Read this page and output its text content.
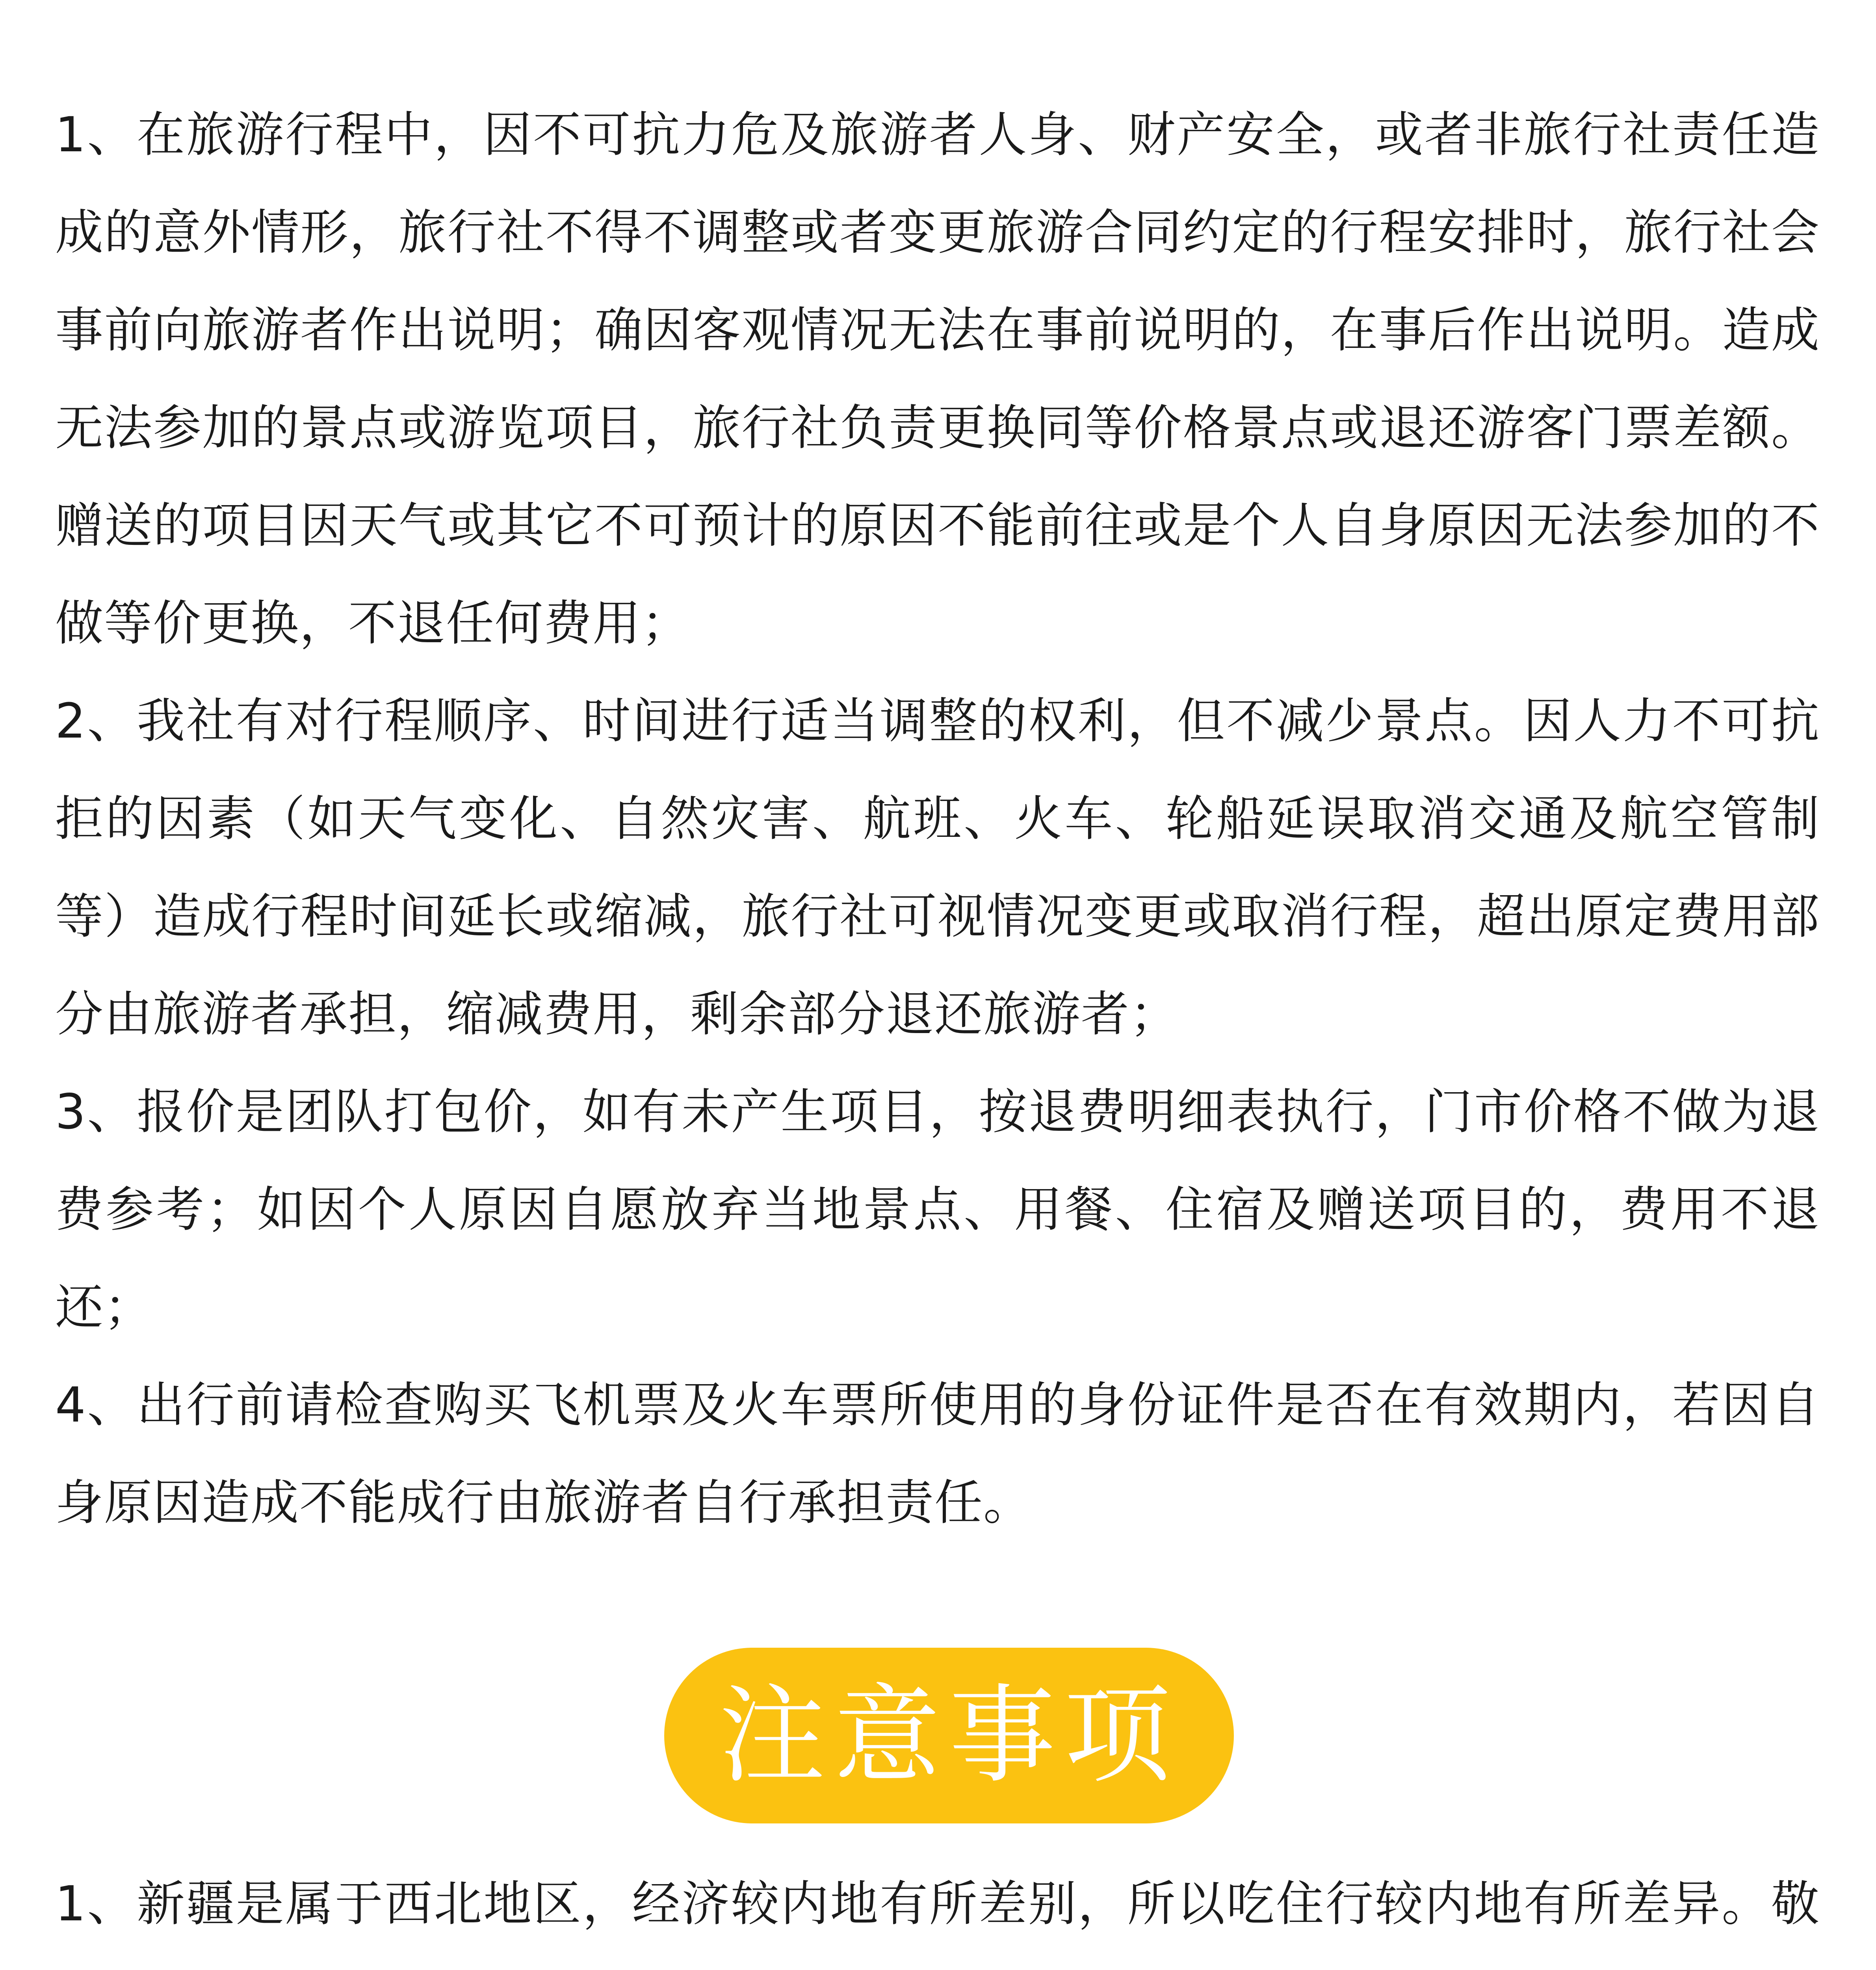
1、在旅游行程中，因不可抗力危及旅游者人身、财产安全，或者非旅行社责任造成的意外情形，旅行社不得不调整或者变更旅游合同约定的行程安排时，旅行社会事前向旅游者作出说明；确因客观情况无法在事前说明的，在事后作出说明。造成无法参加的景点或游览项目，旅行社负责更换同等价格景点或退还游客门票差额。赠送的项目因天气或其它不可预计的原因不能前往或是个人自身原因无法参加的不做等价更换，不退任何费用；

2、我社有对行程顺序、时间进行适当调整的权利，但不减少景点。因人力不可抗拒的因素（如天气变化、自然灾害、航班、火车、轮船延误取消交通及航空管制等）造成行程时间延长或缩减，旅行社可视情况变更或取消行程，超出原定费用部分由旅游者承担，缩减费用，剩余部分退还旅游者；

3、报价是团队打包价，如有未产生项目，按退费明细表执行，门市价格不做为退费参考；如因个人原因自愿放弃当地景点、用餐、住宿及赠送项目的，费用不退还；

4、出行前请检查购买飞机票及火车票所使用的身份证件是否在有效期内，若因自身原因造成不能成行由旅游者自行承担责任。

注意事项

1、新疆是属于西北地区，经济较内地有所差别，所以吃住行较内地有所差异。敬
